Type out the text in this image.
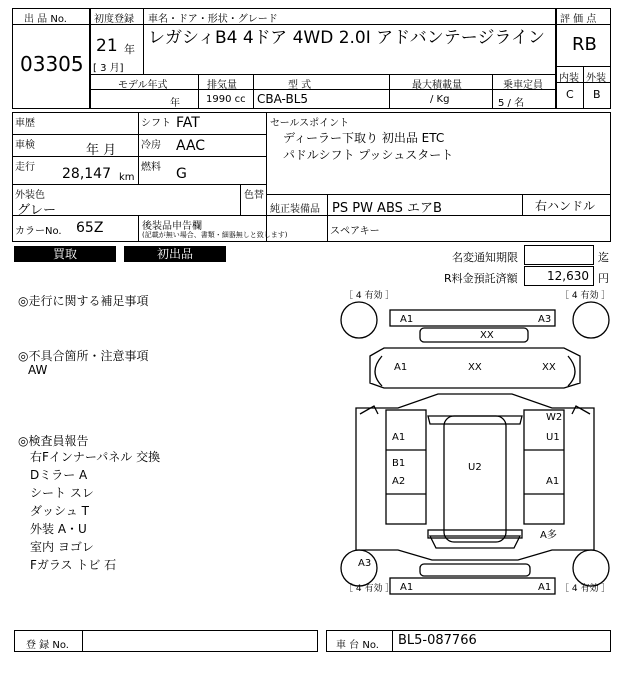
出 品 No.
03305
初度登録
21 年
[ 3 月]
車名・ドア・形状・グレード
レガシィB4 4ドア 4WD 2.0I アドバンテージライン
モデル年式
年
排気量
1990 cc
型 式
CBA-BL5
最大積載量
/ Kg
乗車定員
5 / 名
評 価 点
RB
内装 外装
C B
車歴
車検	年 月
走行 28,147 km
シフト FAT
冷房 AAC
燃料 G
セールスポイント
ディーラー下取り 初出品 ETC
パドルシフト プッシュスタート
外装色
グレー
色替
純正装備品 PS PW ABS エアB	右ハンドル
カラーNo. 65Z	後装品申告欄
(記載が無い場合、書類・細器無しと致します)	スペアキー
買取	初出品	名変通知期限	迄
R料金預託済額 12,630 円
◎走行に関する補足事項
◎不具合箇所・注意事項
AW
◎検査員報告
右Fインナーパネル 交換
Dミラー A
シート スレ
ダッシュ T
外装 A・U
室内 ヨゴレ
Fガラス トビ 石
［ 4 有効 ］	［ 4 有効 ］
［ 4 有効 ］	［ 4 有効 ］
A1	A3
XX
A1	XX	XX
A1
B1
A2
U2
W2
U1
A1
A多
A3
A1	A1
登 録 No.	車 台 No. BL5-087766
